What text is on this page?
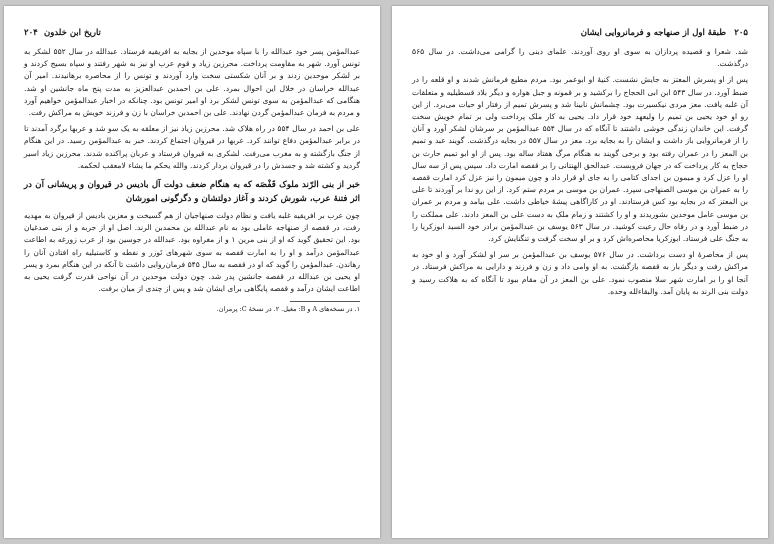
۲۰۴ تاریخ ابن خلدون

عبدالمؤمن پسر خود عبدالله را با سپاه موحدین از بجایه به افریقیه فرستاد. عبدالله در سال ۵۵۲ لشکر به تونس آورد. شهر به مقاومت پرداخت. محرزبن زیاد و قوم عرب او نیز به شهر رفتند و سپاه بسیج کردند و بر لشکر موحدین زدند و بر آنان شکستی سخت وارد آوردند و تونس را از محاصره برهانیدند. امیر آن عبدالله خراسان در خلال این احوال بمرد. علی بن احمدبن عبدالعزیز به مدت پنج ماه جانشین او شد. هنگامی که عبدالمؤمن به سوی تونس لشکر برد او امیر تونس بود. چنانکه در اخبار عبدالمؤمن خواهیم آورد و مردم به فرمان عبدالمؤمن گردن نهادند. علی بن احمدبن خراسان با زن و فرزند خویش به مراکش رفت.

علی بن احمد در سال ۵۵۴ در راه هلاک شد. محرزبن زیاد نیز از معلقه به یک سو شد و عربها برگرد آمدند تا در برابر عبدالمؤمن دفاع توانند کرد. عربها در قیروان اجتماع کردند. خبر به عبدالمؤمن رسید. در این هنگام از جنگ بازگشته و به مغرب می‌رفت. لشکری به قیروان فرستاد و عربان پراکنده شدند. محرزبن زیاد اسیر گردید و کشته شد و جسدش را در قیروان بردار کردند. والله یحکم ما یشاء لامعقب لحکمه.

خبر از بنی الرّند ملوک قَفْصَه که به هنگام ضعف دولت آل بادیس در قیروان و پریشانی آن در اثر فتنهٔ عرب، شورش کردند و آغاز دولتشان و دگرگونی امورشان

چون عرب بر افریقیه غلبه یافت و نظام دولت صنهاجیان از هم گسیخت و معزبن بادیس از قیروان به مهدیه رفت، در قفصه از صنهاجه عاملی بود به نام عبدالله بن محمدبن الرند. اصل او از جربه و از بنی صدغیان بود. این تحقیق گوید که او از بنی مرین ۱ و از مغراوه بود. عبدالله در جوسین بود از عرب زورغه به اطاعت عبدالمؤمن درآمد و او را به امارت قفصه به سوی شهرهای تَوزر و نفطه و کاستیلیه راه افتادن آنان را رهاندن. عبدالمؤمن را گوید که او در قفصه به سال ۵۴۵ فرمان‌روایی داشت تا آنکه در این هنگام بمرد و پسر او یحیی بن عبدالله در قفصه جانشین پدر شد. چون دولت موحدین در آن نواحی قدرت گرفت یحیی به اطاعت ایشان درآمد و قفصه پایگاهی برای ایشان شد و پس از چندی از میان برفت.

۱. در نسخه‌های A و B: مغیل. ۲. در نسخهٔ C: پرمران.
۲۰۵
طبقهٔ اول از صنهاجه و فرمانروایی ایشان

شد. شعرا و قصیده پردازان به سوی او روی آوردند. علمای دینی را گرامی می‌داشت. در سال ۵۶۵ درگذشت.

پس از او پسرش المعتز به جایش نشست. کنیهٔ او ابوعمر بود. مردم مطیع فرمانش شدند و او قلعه را در ضبط آورد. در سال ۵۴۳ ابن ابی الحجاج را برکشید و بر قمونه و جبل هواره و دیگر بلاد قسطیلیه و متعلقات آن غلبه یافت. معز مردی نیکسیرت بود. چشمانش نابینا شد و پسرش تمیم از رفتار او حیات می‌برد. از این رو او خود یحیی بن تمیم را ولیعهد خود قرار داد. یحیی به کار ملک پرداخت ولی بر تمام خویش سخت گرفت. این خاندان زندگی خوشی داشتند تا آنگاه که در سال ۵۵۴ عبدالمؤمن بر سرشان لشکر آورد و آنان را از فرمانروایی باز داشت و ایشان را به بجایه برد. معز در سال ۵۵۷ در بجایه درگذشت. گویند عبد و تمیم بن المعز را در عمران رفته بود و برخی گویند به هنگام مرگ هفتاد ساله بود. پس از او ابو تمیم حارث بن حجاج به کار پرداخت که در جهان فروبست. عبدالحق الهنتانی را بر قفصه امارت داد. سپس پس از سه سال او را عزل کرد و میمون بن اجدای کتامی را به جای او قرار داد و چون میمون را نیز عزل کرد امارت قفصه را به عمران بن موسی الصنهاجی سپرد. عمران بن موسی بر مردم ستم کرد. از این رو ندا بر آوردند تا علی بن المعتز که در بجایه بود کس فرستادند. او در کاراگاهی پیشهٔ خیاطی داشت. علی بیامد و مردم بر عمران بن موسی عامل موحدین بشوریدند و او را کشتند و زمام ملک به دست علی بن المعز دادند. علی مملکت را در ضبط آورد و در رفاه حال رعیت کوشید. در سال ۵۶۳ یوسف بن عبدالمؤمن برادر خود السید ابوزکریا را به جنگ علی فرستاد. ابوزکریا محاصره‌اش کرد و بر او سخت گرفت و تنگنایش کرد.

پس از محاصرهٔ او دست برداشت. در سال ۵۷۶ یوسف بن عبدالمؤمن بر سر او لشکر آورد و او خود به مراکش رفت و دیگر بار به قفصه بازگشت. به او وامی داد و زن و فرزند و دارایی به مراکش فرستاد. در آنجا او را بر امارت شهر سلا منصوب نمود. علی بن المعز در آن مقام ببود تا آنگاه که به هلاکت رسید و دولت بنی الرند به پایان آمد. والبقاءلله وحده.
